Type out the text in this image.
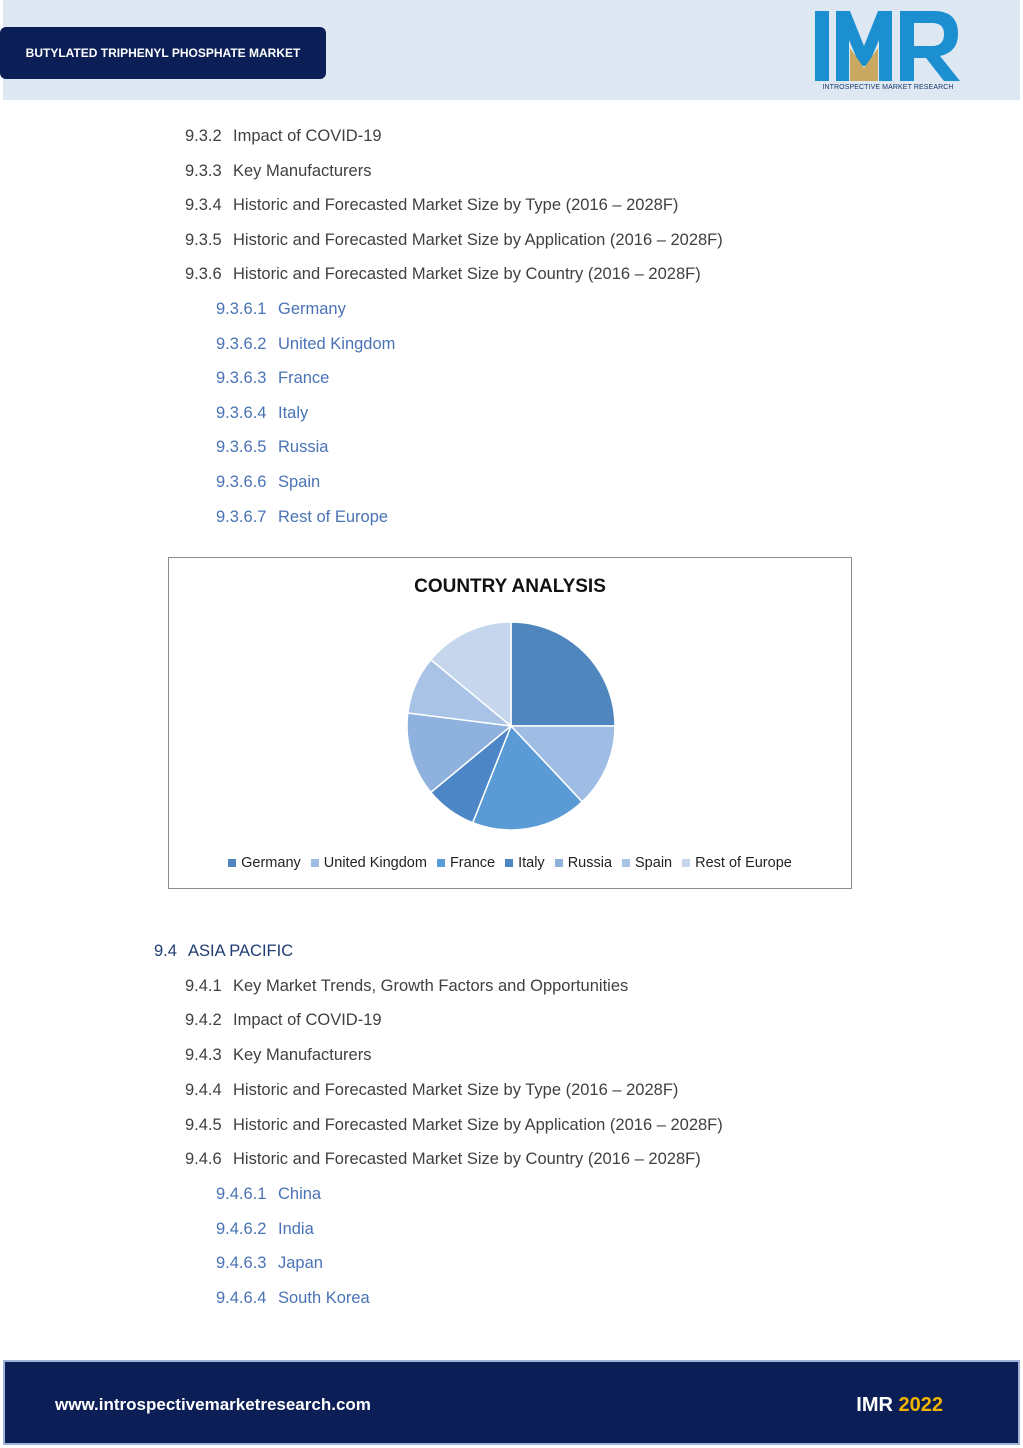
BUTYLATED TRIPHENYL PHOSPHATE MARKET
INTROSPECTIVE MARKET RESEARCH
9.3.2 Impact of COVID-19
9.3.3 Key Manufacturers
9.3.4 Historic and Forecasted Market Size by Type (2016 – 2028F)
9.3.5 Historic and Forecasted Market Size by Application (2016 – 2028F)
9.3.6 Historic and Forecasted Market Size by Country (2016 – 2028F)
9.3.6.1 Germany
9.3.6.2 United Kingdom
9.3.6.3 France
9.3.6.4 Italy
9.3.6.5 Russia
9.3.6.6 Spain
9.3.6.7 Rest of Europe
COUNTRY ANALYSIS
Germany United Kingdom France Italy Russia Spain Rest of Europe
9.4 ASIA PACIFIC
9.4.1 Key Market Trends, Growth Factors and Opportunities
9.4.2 Impact of COVID-19
9.4.3 Key Manufacturers
9.4.4 Historic and Forecasted Market Size by Type (2016 – 2028F)
9.4.5 Historic and Forecasted Market Size by Application (2016 – 2028F)
9.4.6 Historic and Forecasted Market Size by Country (2016 – 2028F)
9.4.6.1 China
9.4.6.2 India
9.4.6.3 Japan
9.4.6.4 South Korea
www.introspectivemarketresearch.com	IMR 2022
